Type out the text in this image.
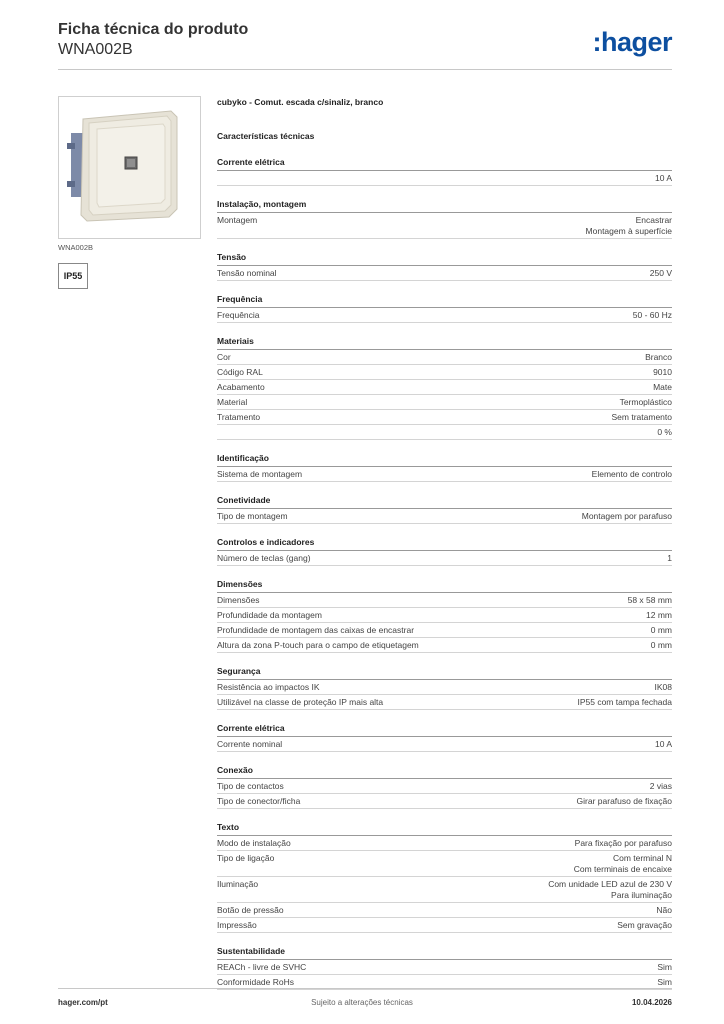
Ficha técnica do produto
WNA002B	:hager
WNA002B
IP55
cubyko - Comut. escada c/sinaliz, branco
Características técnicas
Corrente elétrica
10 A
Instalação, montagem
Montagem	Encastrar
Montagem à superfície
Tensão
Tensão nominal	250 V
Frequência
Frequência	50 - 60 Hz
Materiais
Cor	Branco
Código RAL	9010
Acabamento	Mate
Material	Termoplástico
Tratamento	Sem tratamento
0 %
Identificação
Sistema de montagem	Elemento de controlo
Conetividade
Tipo de montagem	Montagem por parafuso
Controlos e indicadores
Número de teclas (gang)	1
Dimensões
Dimensões	58 x 58 mm
Profundidade da montagem	12 mm
Profundidade de montagem das caixas de encastrar	0 mm
Altura da zona P-touch para o campo de etiquetagem	0 mm
Segurança
Resistência ao impactos IK	IK08
Utilizável na classe de proteção IP mais alta	IP55 com tampa fechada
Corrente elétrica
Corrente nominal	10 A
Conexão
Tipo de contactos	2 vias
Tipo de conector/ficha	Girar parafuso de fixação
Texto
Modo de instalação	Para fixação por parafuso
Tipo de ligação	Com terminal N
Com terminais de encaixe
Iluminação	Com unidade LED azul de 230 V
Para iluminação
Botão de pressão	Não
Impressão	Sem gravação
Sustentabilidade
REACh - livre de SVHC	Sim
Conformidade RoHs	Sim
hager.com/pt	Sujeito a alterações técnicas	10.04.2026
